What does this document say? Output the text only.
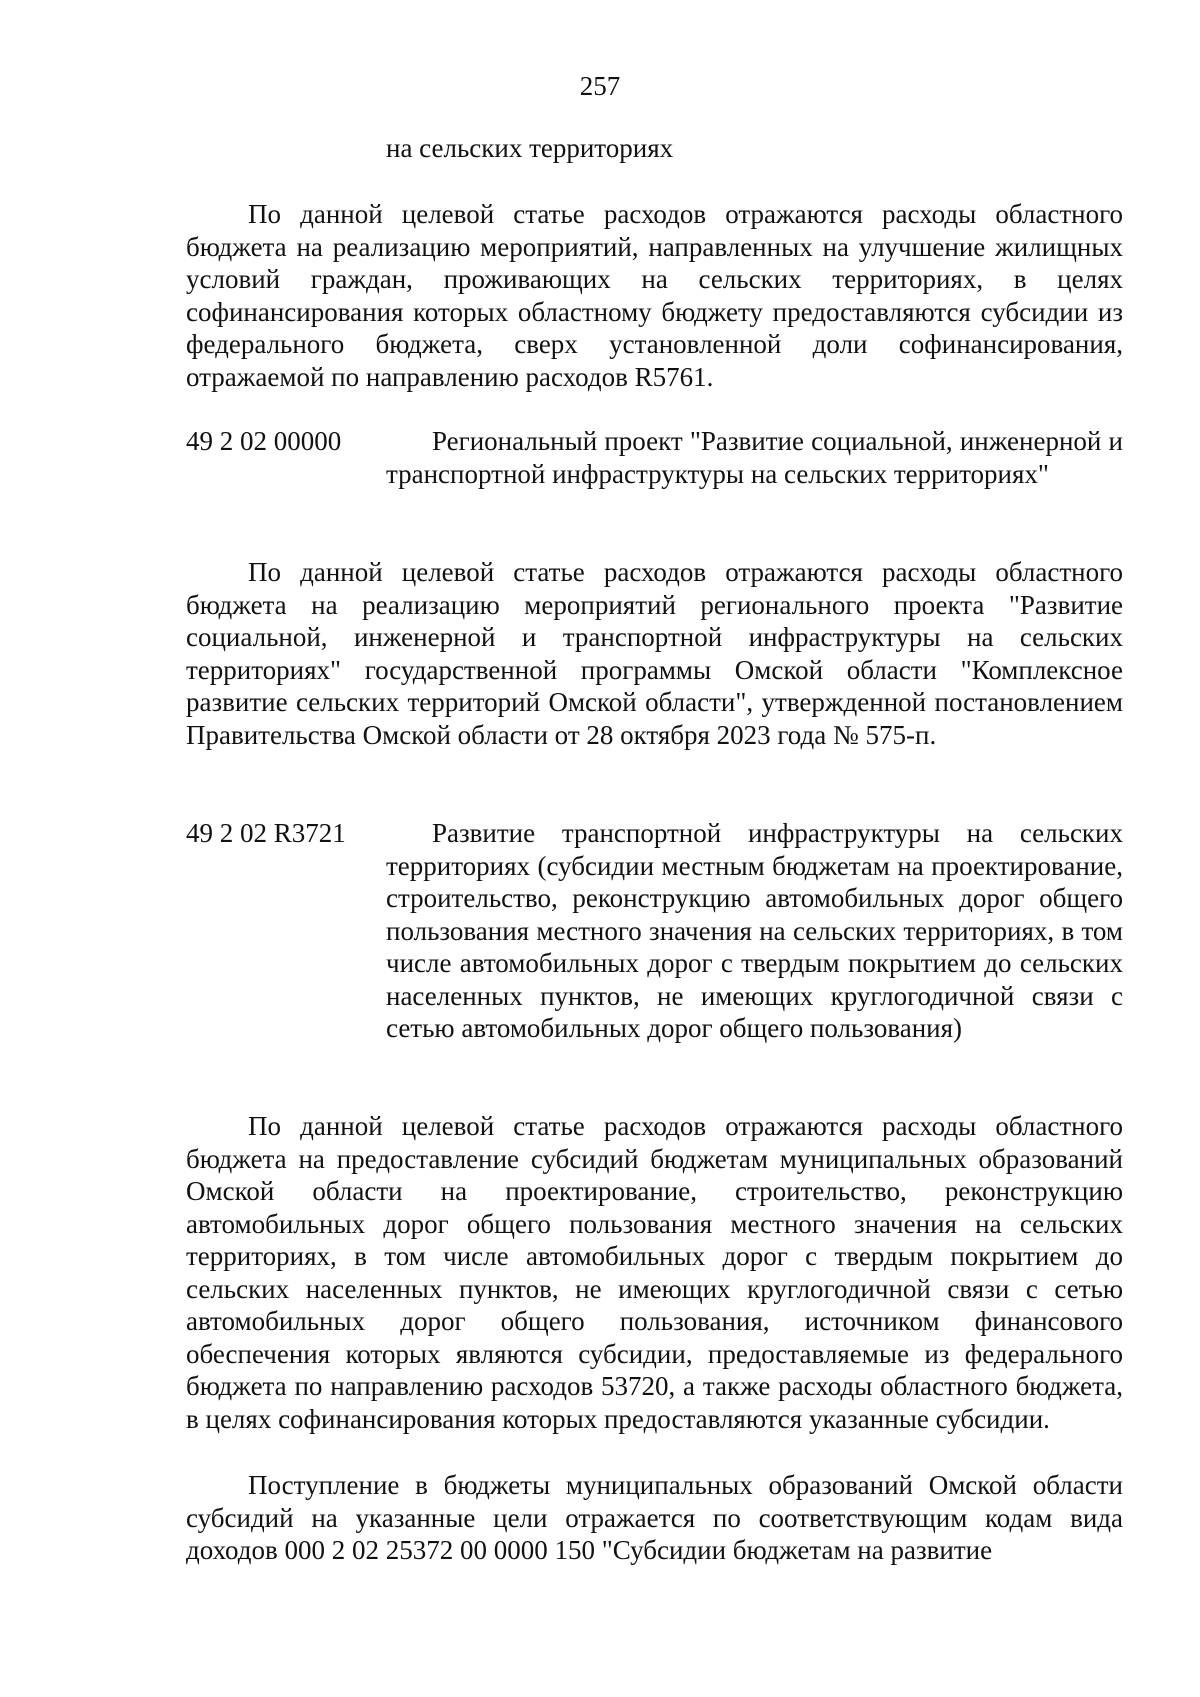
257
на сельских территориях

По данной целевой статье расходов отражаются расходы областного бюджета на реализацию мероприятий, направленных на улучшение жилищных условий граждан, проживающих на сельских территориях, в целях софинансирования которых областному бюджету предоставляются субсидии из федерального бюджета, сверх установленной доли софинансирования, отражаемой по направлению расходов R5761.

49 2 02 00000	Региональный проект "Развитие социальной, инженерной и транспортной инфраструктуры на сельских территориях"

По данной целевой статье расходов отражаются расходы областного бюджета на реализацию мероприятий регионального проекта "Развитие социальной, инженерной и транспортной инфраструктуры на сельских территориях" государственной программы Омской области "Комплексное развитие сельских территорий Омской области", утвержденной постановлением Правительства Омской области от 28 октября 2023 года № 575-п.

49 2 02 R3721	Развитие транспортной инфраструктуры на сельских территориях (субсидии местным бюджетам на проектирование, строительство, реконструкцию автомобильных дорог общего пользования местного значения на сельских территориях, в том числе автомобильных дорог с твердым покрытием до сельских населенных пунктов, не имеющих круглогодичной связи с сетью автомобильных дорог общего пользования)

По данной целевой статье расходов отражаются расходы областного бюджета на предоставление субсидий бюджетам муниципальных образований Омской области на проектирование, строительство, реконструкцию автомобильных дорог общего пользования местного значения на сельских территориях, в том числе автомобильных дорог с твердым покрытием до сельских населенных пунктов, не имеющих круглогодичной связи с сетью автомобильных дорог общего пользования, источником финансового обеспечения которых являются субсидии, предоставляемые из федерального бюджета по направлению расходов 53720, а также расходы областного бюджета, в целях софинансирования которых предоставляются указанные субсидии.

Поступление в бюджеты муниципальных образований Омской области субсидий на указанные цели отражается по соответствующим кодам вида доходов 000 2 02 25372 00 0000 150 "Субсидии бюджетам на развитие
